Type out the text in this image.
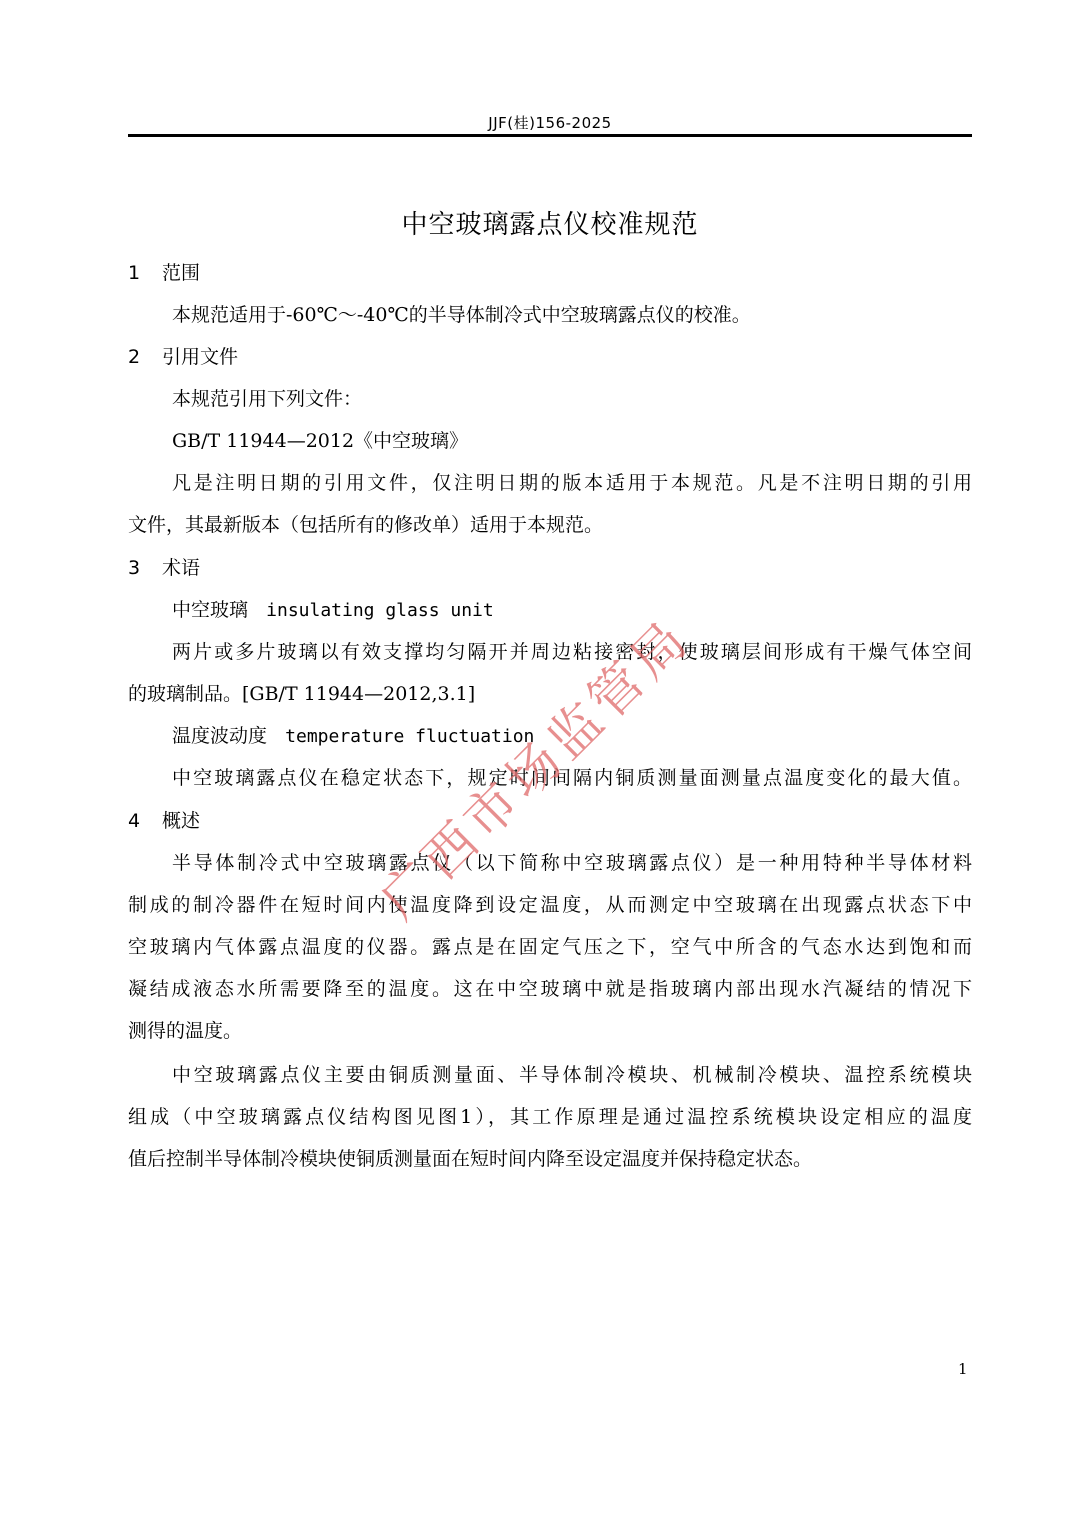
JJF(桂)156-2025
中空玻璃露点仪校准规范
1 范围
本规范适用于-60℃～-40℃的半导体制冷式中空玻璃露点仪的校准。
2 引用文件
本规范引用下列文件：
GB/T 11944—2012《中空玻璃》
凡是注明日期的引用文件，仅注明日期的版本适用于本规范。凡是不注明日期的引用
文件，其最新版本（包括所有的修改单）适用于本规范。
3 术语
中空玻璃 insulating glass unit
两片或多片玻璃以有效支撑均匀隔开并周边粘接密封，使玻璃层间形成有干燥气体空间
的玻璃制品。[GB/T 11944—2012,3.1]
温度波动度 temperature fluctuation
中空玻璃露点仪在稳定状态下，规定时间间隔内铜质测量面测量点温度变化的最大值。
4 概述
半导体制冷式中空玻璃露点仪（以下简称中空玻璃露点仪）是一种用特种半导体材料
制成的制冷器件在短时间内使温度降到设定温度，从而测定中空玻璃在出现露点状态下中
空玻璃内气体露点温度的仪器。露点是在固定气压之下，空气中所含的气态水达到饱和而
凝结成液态水所需要降至的温度。这在中空玻璃中就是指玻璃内部出现水汽凝结的情况下
测得的温度。
中空玻璃露点仪主要由铜质测量面、半导体制冷模块、机械制冷模块、温控系统模块
组成（中空玻璃露点仪结构图见图1），其工作原理是通过温控系统模块设定相应的温度
值后控制半导体制冷模块使铜质测量面在短时间内降至设定温度并保持稳定状态。
1
广
西
市
场
监
管
局
